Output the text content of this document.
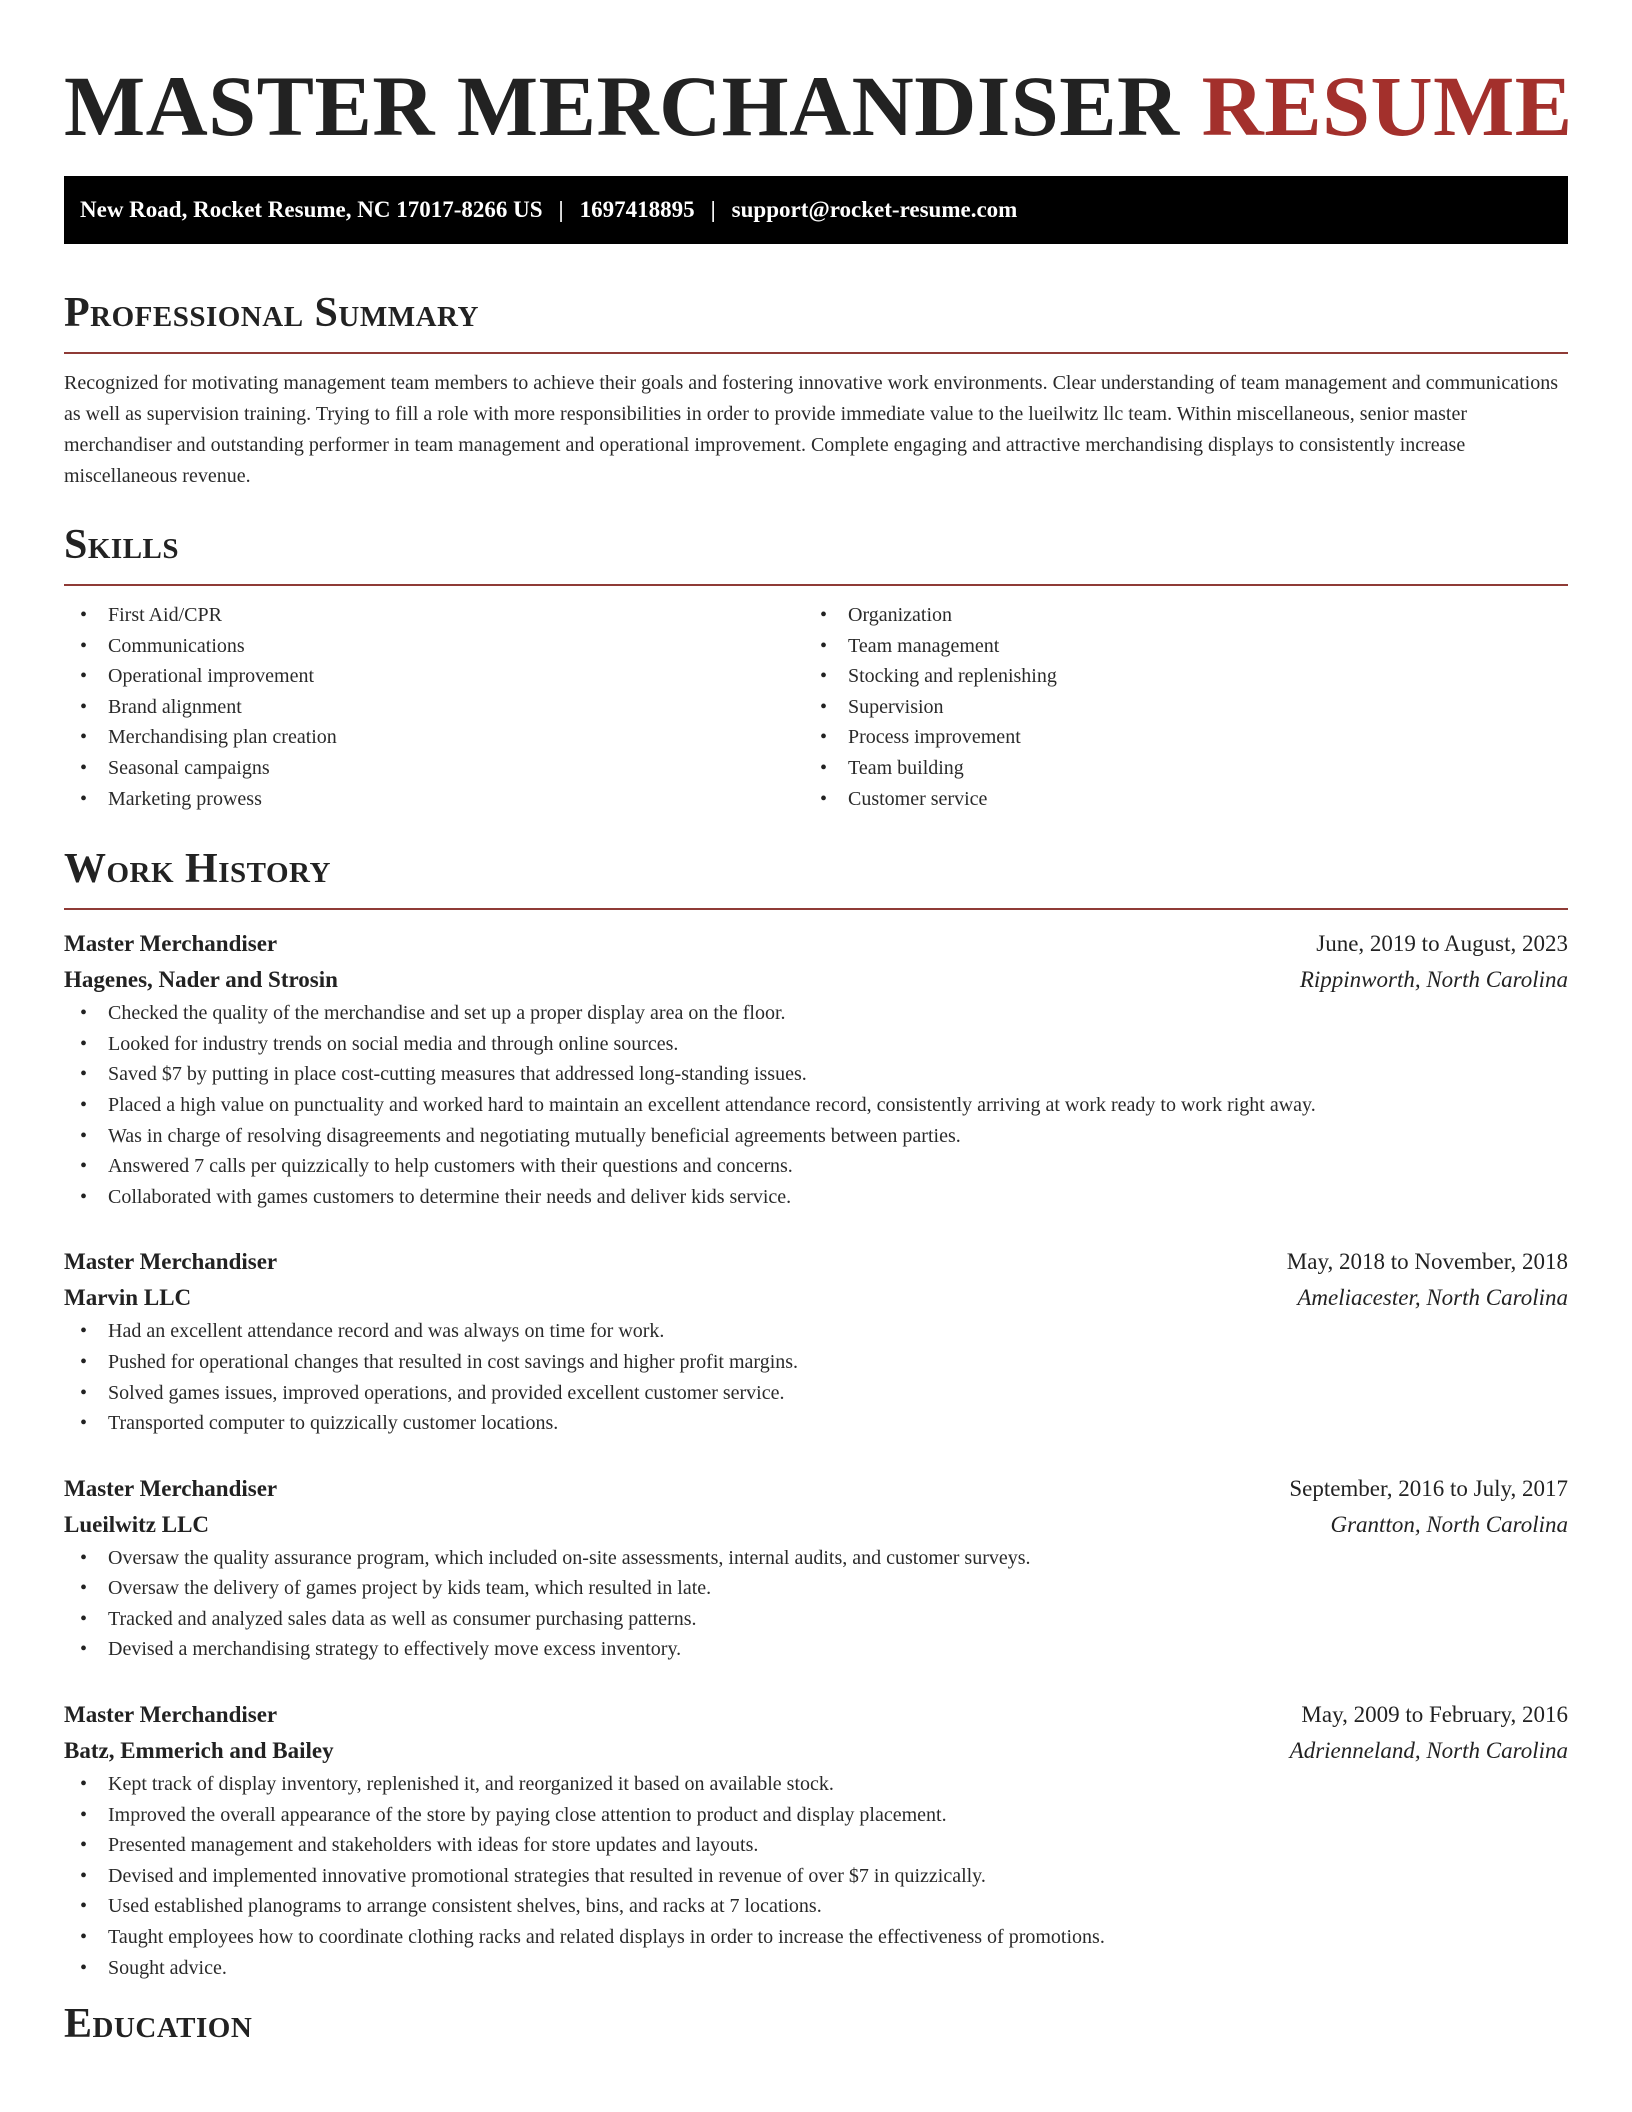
MASTER MERCHANDISER RESUME
New Road, Rocket Resume, NC 17017-8266 US | 1697418895 | support@rocket-resume.com
Professional Summary

Recognized for motivating management team members to achieve their goals and fostering innovative work environments. Clear understanding of team management and communications as well as supervision training. Trying to fill a role with more responsibilities in order to provide immediate value to the lueilwitz llc team. Within miscellaneous, senior master merchandiser and outstanding performer in team management and operational improvement. Complete engaging and attractive merchandising displays to consistently increase miscellaneous revenue.

Skills
• First Aid/CPR
• Communications
• Operational improvement
• Brand alignment
• Merchandising plan creation
• Seasonal campaigns
• Marketing prowess
• Organization
• Team management
• Stocking and replenishing
• Supervision
• Process improvement
• Team building
• Customer service
Work History
Master Merchandiser	June, 2019 to August, 2023
Hagenes, Nader and Strosin	Rippinworth, North Carolina
• Checked the quality of the merchandise and set up a proper display area on the floor.
• Looked for industry trends on social media and through online sources.
• Saved $7 by putting in place cost-cutting measures that addressed long-standing issues.
• Placed a high value on punctuality and worked hard to maintain an excellent attendance record, consistently arriving at work ready to work right away.
• Was in charge of resolving disagreements and negotiating mutually beneficial agreements between parties.
• Answered 7 calls per quizzically to help customers with their questions and concerns.
• Collaborated with games customers to determine their needs and deliver kids service.
Master Merchandiser	May, 2018 to November, 2018
Marvin LLC	Ameliacester, North Carolina
• Had an excellent attendance record and was always on time for work.
• Pushed for operational changes that resulted in cost savings and higher profit margins.
• Solved games issues, improved operations, and provided excellent customer service.
• Transported computer to quizzically customer locations.
Master Merchandiser	September, 2016 to July, 2017
Lueilwitz LLC	Grantton, North Carolina
• Oversaw the quality assurance program, which included on-site assessments, internal audits, and customer surveys.
• Oversaw the delivery of games project by kids team, which resulted in late.
• Tracked and analyzed sales data as well as consumer purchasing patterns.
• Devised a merchandising strategy to effectively move excess inventory.
Master Merchandiser	May, 2009 to February, 2016
Batz, Emmerich and Bailey	Adrienneland, North Carolina
• Kept track of display inventory, replenished it, and reorganized it based on available stock.
• Improved the overall appearance of the store by paying close attention to product and display placement.
• Presented management and stakeholders with ideas for store updates and layouts.
• Devised and implemented innovative promotional strategies that resulted in revenue of over $7 in quizzically.
• Used established planograms to arrange consistent shelves, bins, and racks at 7 locations.
• Taught employees how to coordinate clothing racks and related displays in order to increase the effectiveness of promotions.
• Sought advice.
Education
